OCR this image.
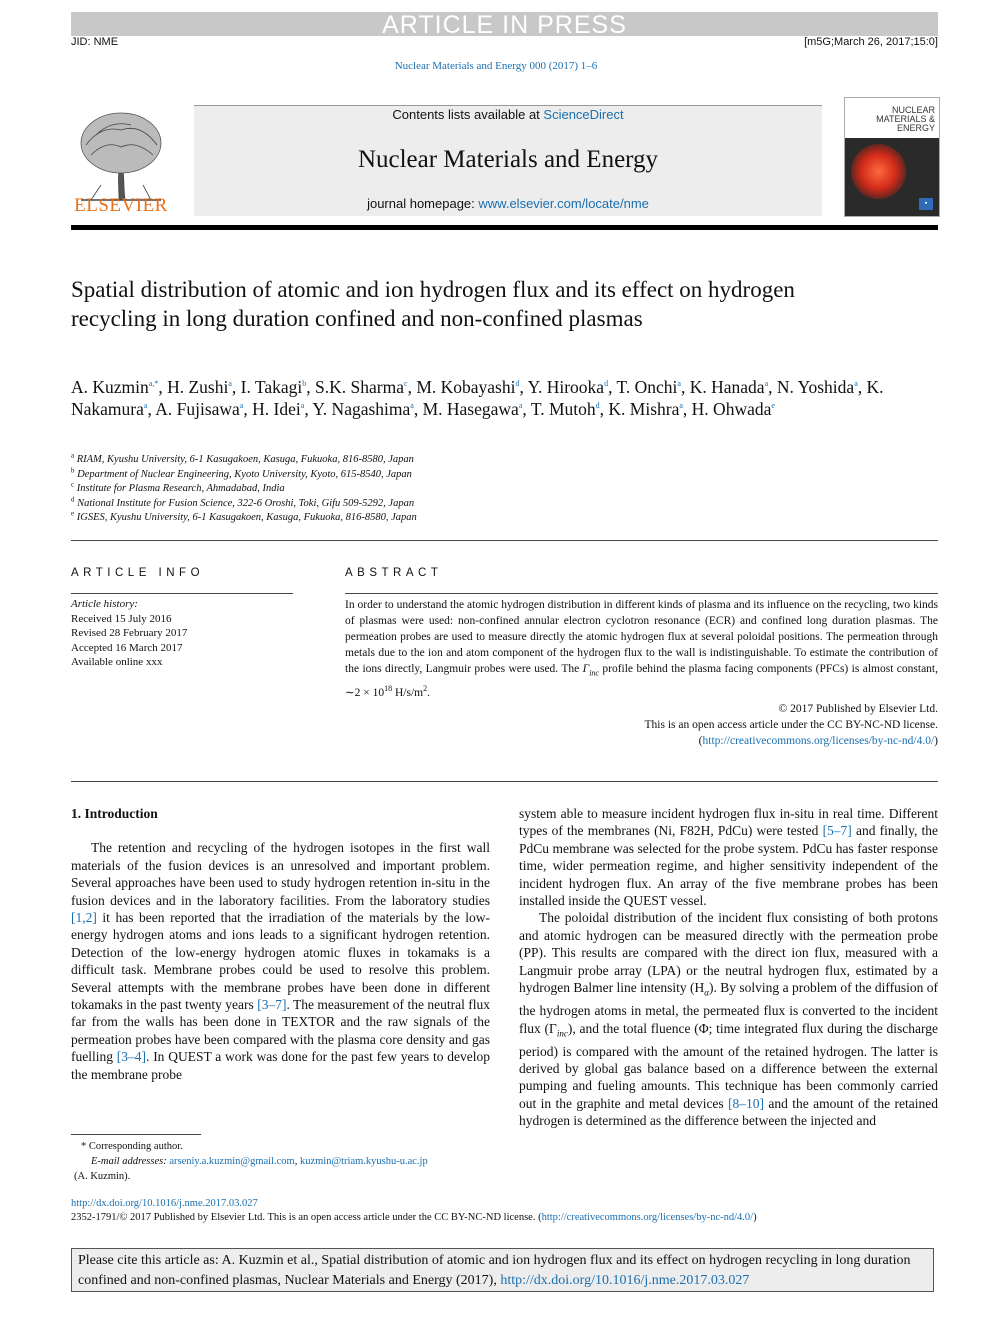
ARTICLE IN PRESS
JID: NME	[m5G;March 26, 2017;15:0]
Nuclear Materials and Energy 000 (2017) 1–6
ELSEVIER
Contents lists available at ScienceDirect
Nuclear Materials and Energy
journal homepage: www.elsevier.com/locate/nme
NUCLEAR MATERIALS & ENERGY
▪
Spatial distribution of atomic and ion hydrogen flux and its effect on hydrogen recycling in long duration confined and non-confined plasmas
A. Kuzmin$^{a,*}$, H. Zushi$^a$, I. Takagi$^b$, S.K. Sharma$^c$, M. Kobayashi$^d$, Y. Hirooka$^d$, T. Onchi$^a$, K. Hanada$^a$, N. Yoshida$^a$, K. Nakamura$^a$, A. Fujisawa$^a$, H. Idei$^a$, Y. Nagashima$^a$, M. Hasegawa$^a$, T. Mutoh$^d$, K. Mishra$^a$, H. Ohwada$^e$
$^a$ RIAM, Kyushu University, 6-1 Kasugakoen, Kasuga, Fukuoka, 816-8580, Japan
$^b$ Department of Nuclear Engineering, Kyoto University, Kyoto, 615-8540, Japan
$^c$ Institute for Plasma Research, Ahmadabad, India
$^d$ National Institute for Fusion Science, 322-6 Oroshi, Toki, Gifu 509-5292, Japan
$^e$ IGSES, Kyushu University, 6-1 Kasugakoen, Kasuga, Fukuoka, 816-8580, Japan
ARTICLE INFO	ABSTRACT
Article history:
Received 15 July 2016
Revised 28 February 2017
Accepted 16 March 2017
Available online xxx
In order to understand the atomic hydrogen distribution in different kinds of plasma and its influence on the recycling, two kinds of plasmas were used: non-confined annular electron cyclotron resonance (ECR) and confined long duration plasmas. The permeation probes are used to measure directly the atomic hydrogen flux at several poloidal positions. The permeation through metals due to the ion and atom component of the hydrogen flux to the wall is indistinguishable. To estimate the contribution of the ions directly, Langmuir probes were used. The $\Gamma_{inc}$ profile behind the plasma facing components (PFCs) is almost constant, ∼2 × $10^{18}$ $H/s/m^2$.
© 2017 Published by Elsevier Ltd.
This is an open access article under the CC BY-NC-ND license.
(http://creativecommons.org/licenses/by-nc-nd/4.0/)
1. Introduction

The retention and recycling of the hydrogen isotopes in the first wall materials of the fusion devices is an unresolved and important problem. Several approaches have been used to study hydrogen retention in-situ in the fusion devices and in the laboratory facilities. From the laboratory studies [1,2] it has been reported that the irradiation of the materials by the low-energy hydrogen atoms and ions leads to a significant hydrogen retention. Detection of the low-energy hydrogen atomic fluxes in tokamaks is a difficult task. Membrane probes could be used to resolve this problem. Several attempts with the membrane probes have been done in different tokamaks in the past twenty years [3–7]. The measurement of the neutral flux far from the walls has been done in TEXTOR and the raw signals of the permeation probes have been compared with the plasma core density and gas fuelling [3–4]. In QUEST a work was done for the past few years to develop the membrane probe

system able to measure incident hydrogen flux in-situ in real time. Different types of the membranes (Ni, F82H, PdCu) were tested [5–7] and finally, the PdCu membrane was selected for the probe system. PdCu has faster response time, wider permeation regime, and higher sensitivity independent of the incident hydrogen flux. An array of the five membrane probes has been installed inside the QUEST vessel.

The poloidal distribution of the incident flux consisting of both protons and atomic hydrogen can be measured directly with the permeation probe (PP). This results are compared with the direct ion flux, measured with a Langmuir probe array (LPA) or the neutral hydrogen flux, estimated by a hydrogen Balmer line intensity $(H_\alpha)$. By solving a problem of the diffusion of the hydrogen atoms in metal, the permeated flux is converted to the incident flux $(\Gamma_{inc})$, and the total fluence (Φ; time integrated flux during the discharge period) is compared with the amount of the retained hydrogen. The latter is derived by global gas balance based on a difference between the external pumping and fueling amounts. This technique has been commonly carried out in the graphite and metal devices [8–10] and the amount of the retained hydrogen is determined as the difference between the injected and

* Corresponding author.
E-mail addresses: arseniy.a.kuzmin@gmail.com, kuzmin@triam.kyushu-u.ac.jp
(A. Kuzmin).
http://dx.doi.org/10.1016/j.nme.2017.03.027
2352-1791/© 2017 Published by Elsevier Ltd. This is an open access article under the CC BY-NC-ND license. (http://creativecommons.org/licenses/by-nc-nd/4.0/)
Please cite this article as: A. Kuzmin et al., Spatial distribution of atomic and ion hydrogen flux and its effect on hydrogen recycling in long duration confined and non-confined plasmas, Nuclear Materials and Energy (2017), http://dx.doi.org/10.1016/j.nme.2017.03.027
